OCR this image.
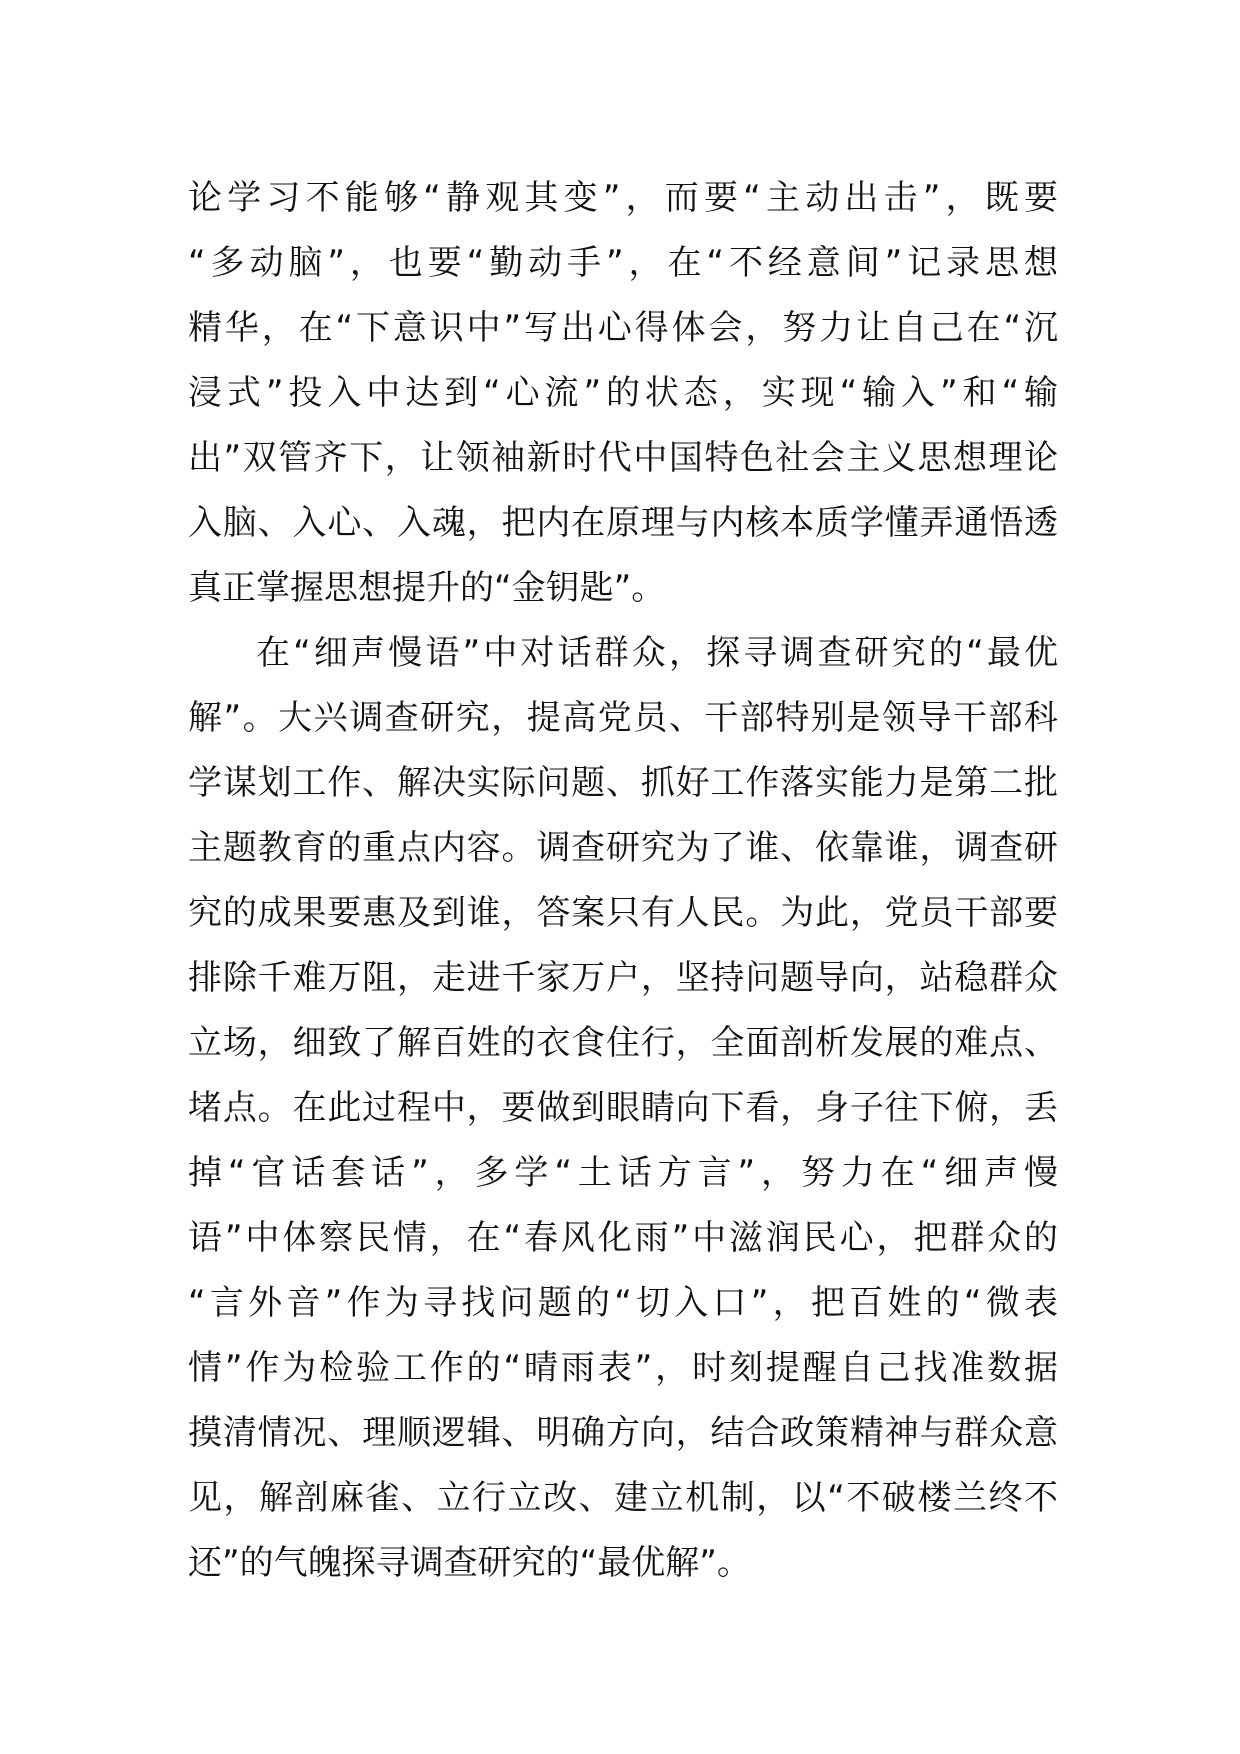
论学习不能够“静观其变”，而要“主动出击”，既要
“多动脑”，也要“勤动手”，在“不经意间”记录思想
精华，在“下意识中”写出心得体会，努力让自己在“沉
浸式”投入中达到“心流”的状态，实现“输入”和“输
出”双管齐下，让领袖新时代中国特色社会主义思想理论
入脑、入心、入魂，把内在原理与内核本质学懂弄通悟透
真正掌握思想提升的“金钥匙”。
在“细声慢语”中对话群众，探寻调查研究的“最优
解”。大兴调查研究，提高党员、干部特别是领导干部科
学谋划工作、解决实际问题、抓好工作落实能力是第二批
主题教育的重点内容。调查研究为了谁、依靠谁，调查研
究的成果要惠及到谁，答案只有人民。为此，党员干部要
排除千难万阻，走进千家万户，坚持问题导向，站稳群众
立场，细致了解百姓的衣食住行，全面剖析发展的难点、
堵点。在此过程中，要做到眼睛向下看，身子往下俯，丢
掉“官话套话”，多学“土话方言”，努力在“细声慢
语”中体察民情，在“春风化雨”中滋润民心，把群众的
“言外音”作为寻找问题的“切入口”，把百姓的“微表
情”作为检验工作的“晴雨表”，时刻提醒自己找准数据
摸清情况、理顺逻辑、明确方向，结合政策精神与群众意
见，解剖麻雀、立行立改、建立机制，以“不破楼兰终不
还”的气魄探寻调查研究的“最优解”。
